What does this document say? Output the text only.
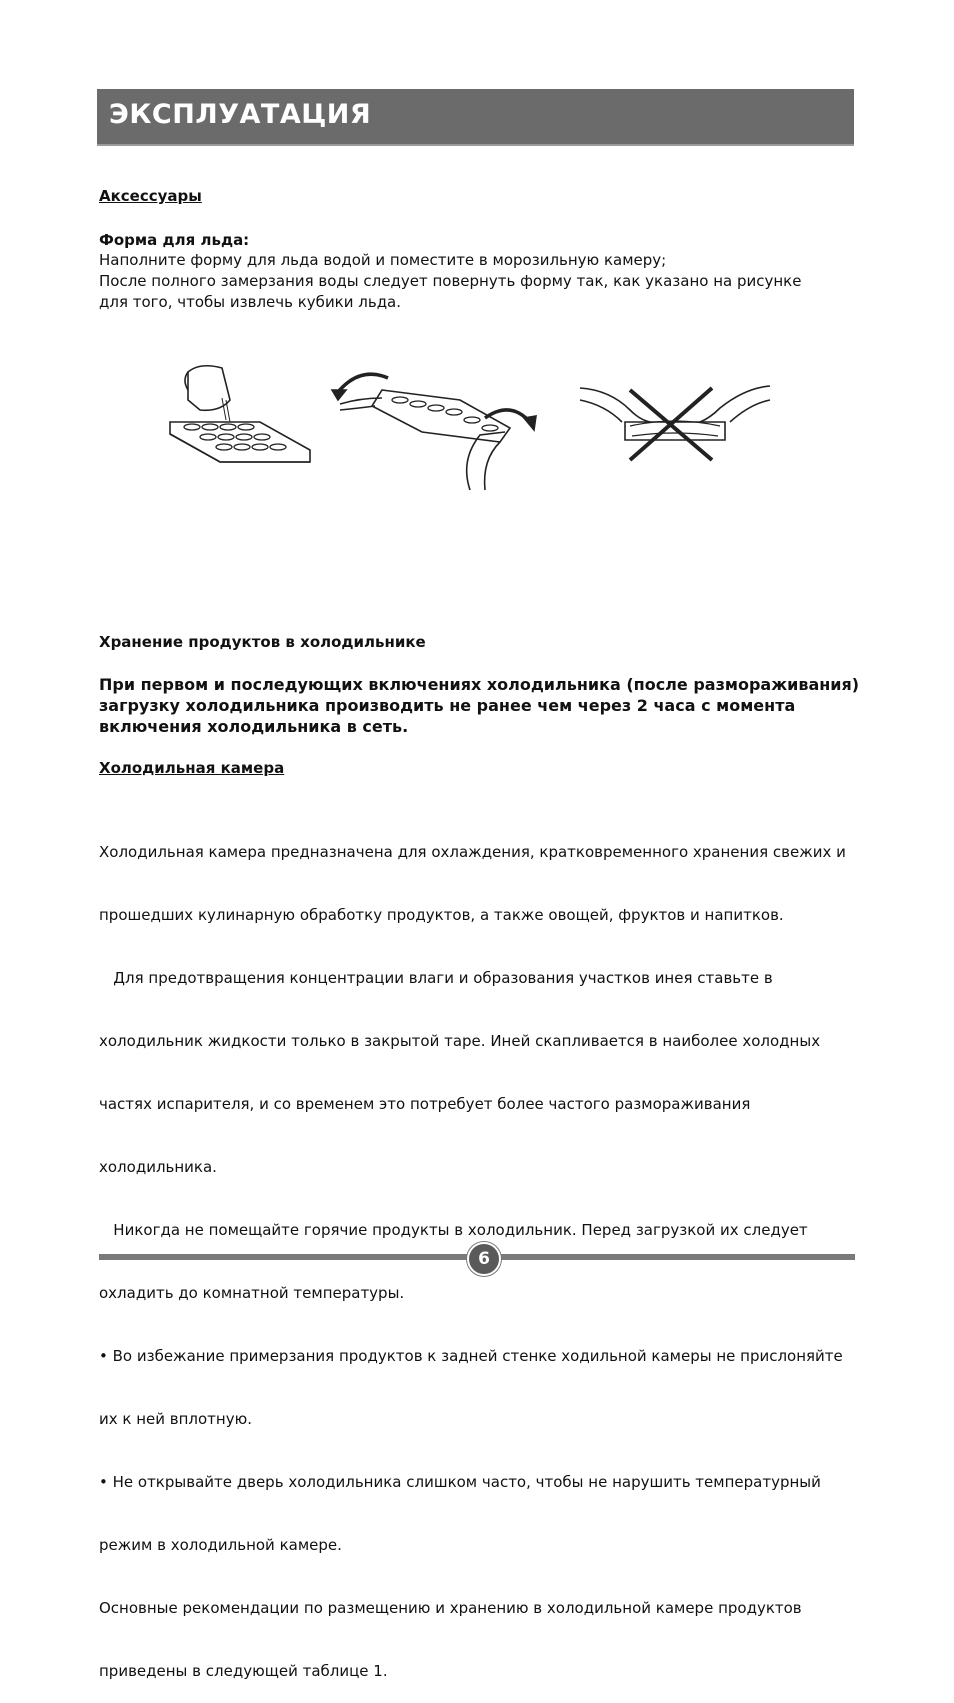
ЭКСПЛУАТАЦИЯ
Аксессуары
Форма для льда:
Наполните форму для льда водой и поместите в морозильную камеру;
После полного замерзания воды следует повернуть форму так, как указано на рисунке
для того, чтобы извлечь кубики льда.
Хранение продуктов в холодильнике
При первом и последующих включениях холодильника (после размораживания)
загрузку холодильника производить не ранее чем через 2 часа с момента
включения холодильника в сеть.
Холодильная камера

Холодильная камера предназначена для охлаждения, кратковременного хранения свежих и

прошедших кулинарную обработку продуктов, а также овощей, фруктов и напитков.

Для предотвращения концентрации влаги и образования участков инея ставьте в

холодильник жидкости только в закрытой таре. Иней скапливается в наиболее холодных

частях испарителя, и со временем это потребует более частого размораживания

холодильника.

Никогда не помещайте горячие продукты в холодильник. Перед загрузкой их следует

охладить до комнатной температуры.

• Во избежание примерзания продуктов к задней стенке ходильной камеры не прислоняйте

их к ней вплотную.

• Не открывайте дверь холодильника слишком часто, чтобы не нарушить температурный

режим в холодильной камере.

Основные рекомендации по размещению и хранению в холодильной камере продуктов

приведены в следующей таблице 1.

6
